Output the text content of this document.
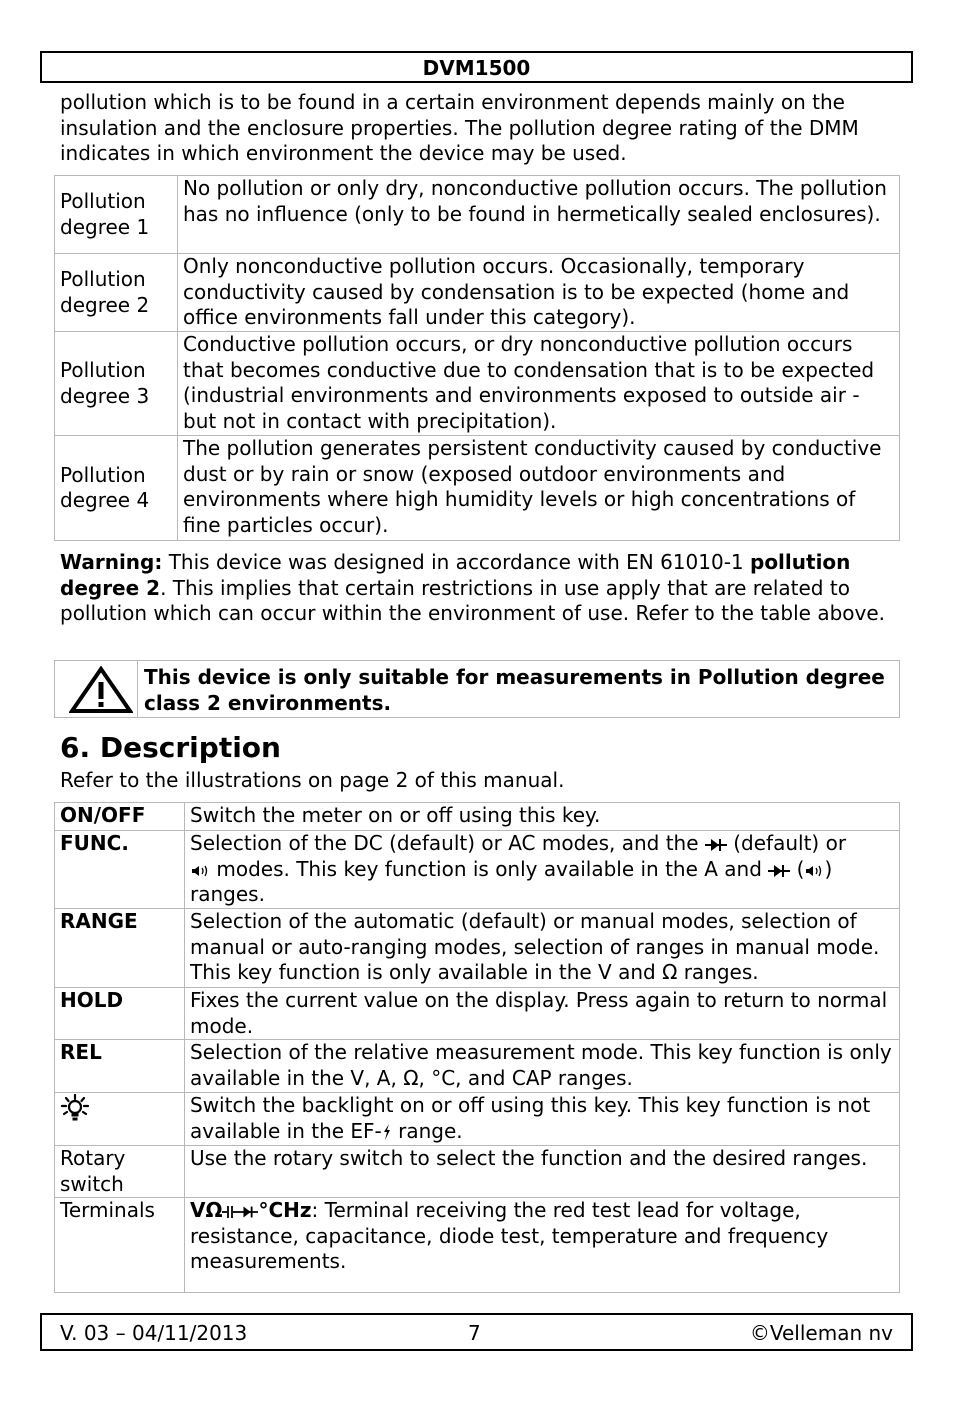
DVM1500

pollution which is to be found in a certain environment depends mainly on the insulation and the enclosure properties. The pollution degree rating of the DMM indicates in which environment the device may be used.

Pollution degree 1	No pollution or only dry, nonconductive pollution occurs. The pollution has no influence (only to be found in hermetically sealed enclosures).
Pollution degree 2	Only nonconductive pollution occurs. Occasionally, temporary conductivity caused by condensation is to be expected (home and office environments fall under this category).
Pollution degree 3	Conductive pollution occurs, or dry nonconductive pollution occurs that becomes conductive due to condensation that is to be expected (industrial environments and environments exposed to outside air - but not in contact with precipitation).
Pollution degree 4	The pollution generates persistent conductivity caused by conductive dust or by rain or snow (exposed outdoor environments and environments where high humidity levels or high concentrations of fine particles occur).

Warning: This device was designed in accordance with EN 61010-1 pollution degree 2. This implies that certain restrictions in use apply that are related to pollution which can occur within the environment of use. Refer to the table above.

This device is only suitable for measurements in Pollution degree class 2 environments.
6. Description

Refer to the illustrations on page 2 of this manual.

ON/OFF	Switch the meter on or off using this key.
FUNC.	Selection of the DC (default) or AC modes, and the (default) or
modes. This key function is only available in the A and ( ) ranges.
RANGE	Selection of the automatic (default) or manual modes, selection of manual or auto-ranging modes, selection of ranges in manual mode. This key function is only available in the V and Ω ranges.
HOLD	Fixes the current value on the display. Press again to return to normal mode.
REL	Selection of the relative measurement mode. This key function is only available in the V, A, Ω, °C, and CAP ranges.
	Switch the backlight on or off using this key. This key function is not available in the EF- range.
Rotary switch	Use the rotary switch to select the function and the desired ranges.
Terminals	VΩ °CHz: Terminal receiving the red test lead for voltage, resistance, capacitance, diode test, temperature and frequency measurements.
V. 03 – 04/11/2013	7	©Velleman nv
